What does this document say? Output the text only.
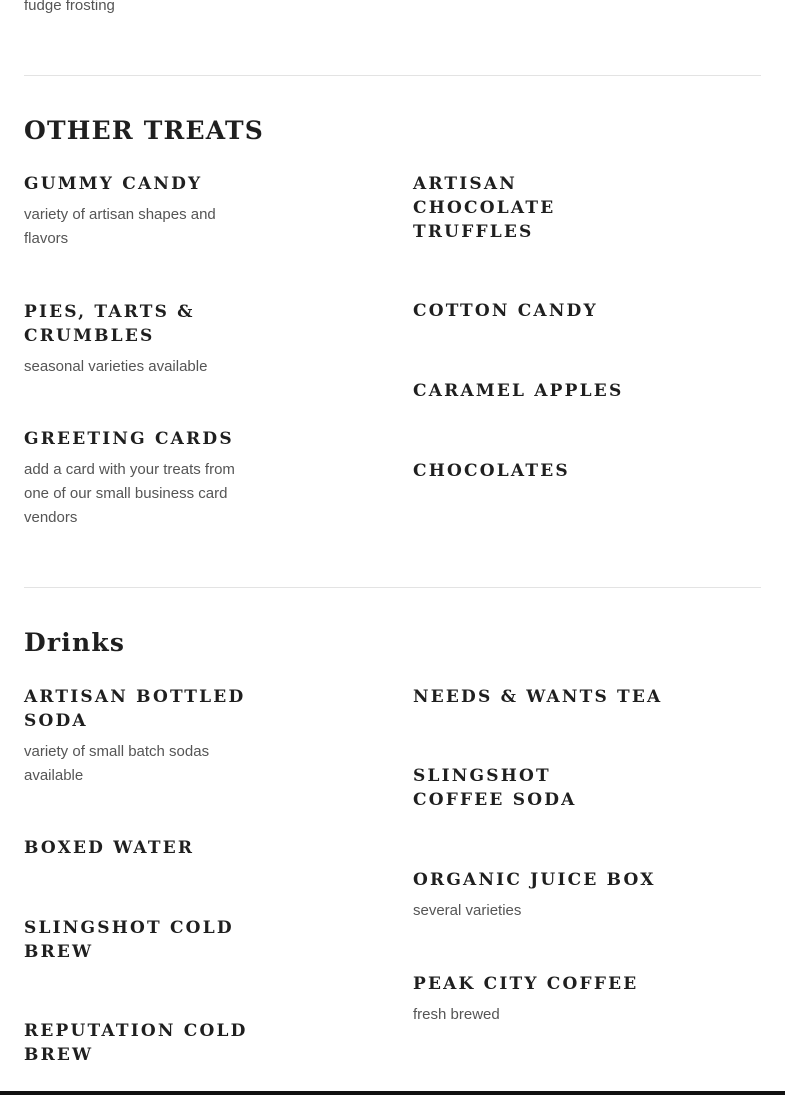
fudge frosting
OTHER TREATS
GUMMY CANDY
variety of artisan shapes and flavors
ARTISAN CHOCOLATE TRUFFLES
PIES, TARTS & CRUMBLES
seasonal varieties available
COTTON CANDY
CARAMEL APPLES
GREETING CARDS
add a card with your treats from one of our small business card vendors
CHOCOLATES
Drinks
ARTISAN BOTTLED SODA
variety of small batch sodas available
NEEDS & WANTS TEA
SLINGSHOT COFFEE SODA
BOXED WATER
ORGANIC JUICE BOX
several varieties
SLINGSHOT COLD BREW
PEAK CITY COFFEE
fresh brewed
REPUTATION COLD BREW
